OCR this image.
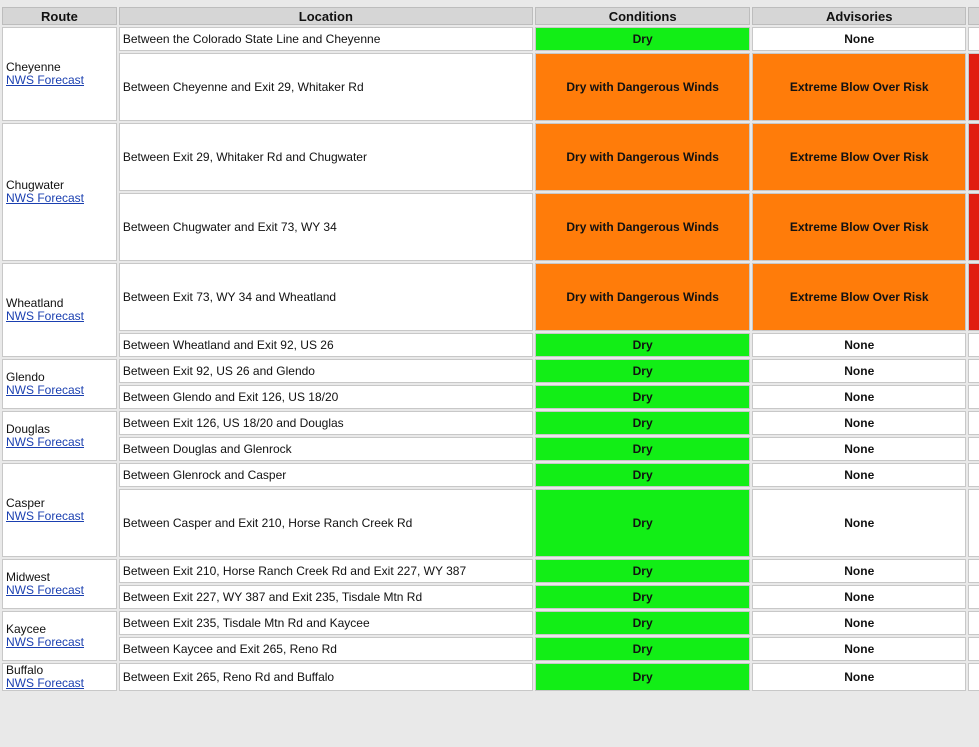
Route	Location	Conditions	Advisories	
Cheyenne
NWS Forecast	Between the Colorado State Line and Cheyenne	Dry	None	
	Between Cheyenne and Exit 29, Whitaker Rd	Dry with Dangerous Winds	Extreme Blow Over Risk	
Chugwater
NWS Forecast	Between Exit 29, Whitaker Rd and Chugwater	Dry with Dangerous Winds	Extreme Blow Over Risk	
	Between Chugwater and Exit 73, WY 34	Dry with Dangerous Winds	Extreme Blow Over Risk	
Wheatland
NWS Forecast	Between Exit 73, WY 34 and Wheatland	Dry with Dangerous Winds	Extreme Blow Over Risk	
	Between Wheatland and Exit 92, US 26	Dry	None	
Glendo
NWS Forecast	Between Exit 92, US 26 and Glendo	Dry	None	
	Between Glendo and Exit 126, US 18/20	Dry	None	
Douglas
NWS Forecast	Between Exit 126, US 18/20 and Douglas	Dry	None	
	Between Douglas and Glenrock	Dry	None	
Casper
NWS Forecast	Between Glenrock and Casper	Dry	None	
	Between Casper and Exit 210, Horse Ranch Creek Rd	Dry	None	
Midwest
NWS Forecast	Between Exit 210, Horse Ranch Creek Rd and Exit 227, WY 387	Dry	None	
	Between Exit 227, WY 387 and Exit 235, Tisdale Mtn Rd	Dry	None	
Kaycee
NWS Forecast	Between Exit 235, Tisdale Mtn Rd and Kaycee	Dry	None	
	Between Kaycee and Exit 265, Reno Rd	Dry	None	
Buffalo
NWS Forecast	Between Exit 265, Reno Rd and Buffalo	Dry	None	
